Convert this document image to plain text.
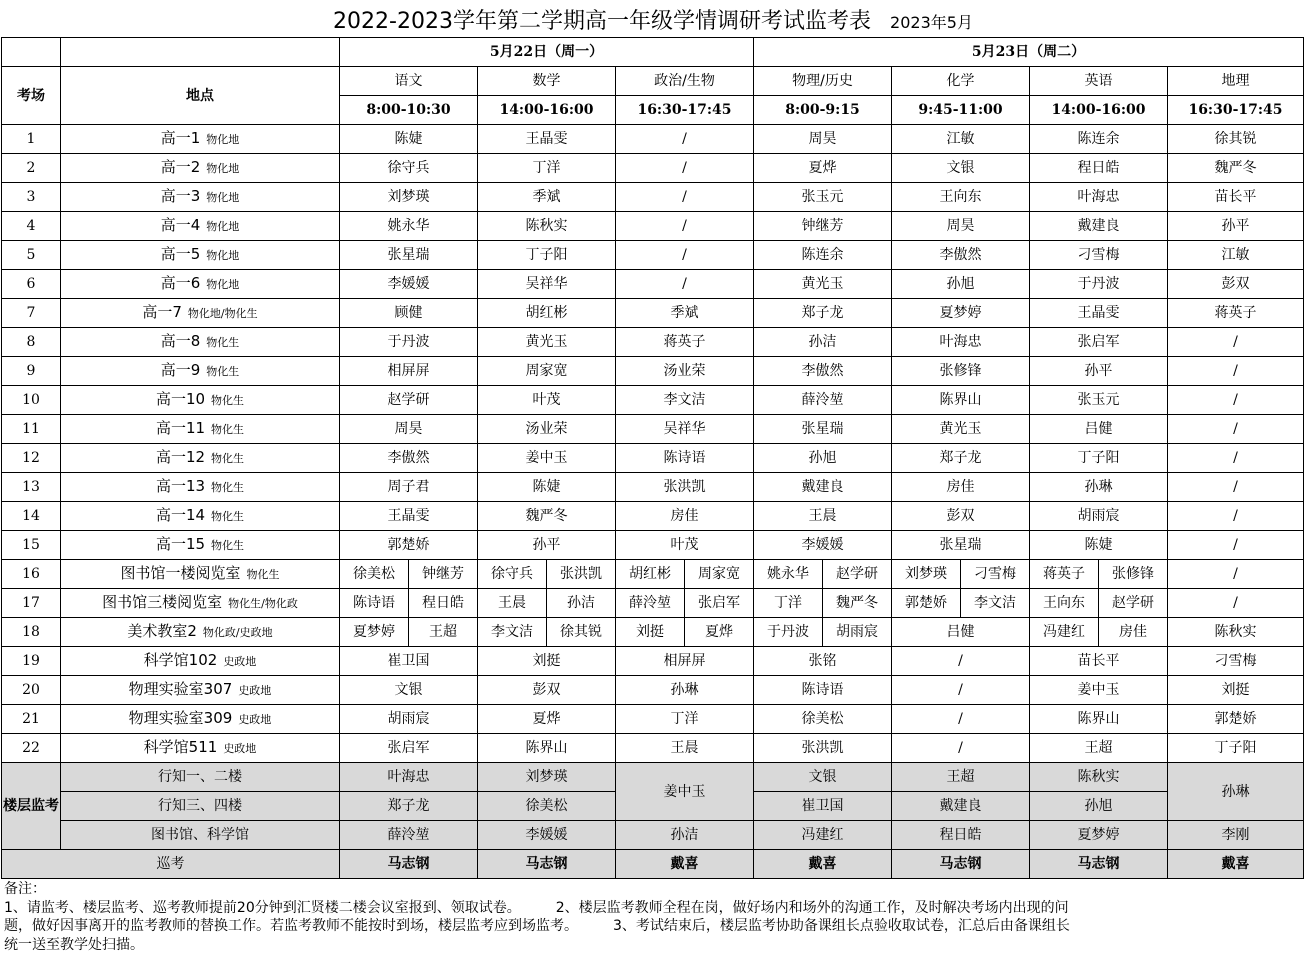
2022-2023学年第二学期高一年级学情调研考试监考表 2023年5月
		5月22日（周一）						5月23日（周二）						
考场	地点	语文		数学		政治/生物		物理/历史		化学		英语		地理
		8:00-10:30		14:00-16:00		16:30-17:45		8:00-9:15		9:45-11:00		14:00-16:00		16:30-17:45
1	高一1 物化地	陈婕		王晶雯		/		周昊		江敏		陈连余		徐其锐
2	高一2 物化地	徐守兵		丁洋		/		夏烨		文银		程日皓		魏严冬
3	高一3 物化地	刘梦瑛		季斌		/		张玉元		王向东		叶海忠		苗长平
4	高一4 物化地	姚永华		陈秋实		/		钟继芳		周昊		戴建良		孙平
5	高一5 物化地	张星瑞		丁子阳		/		陈连余		李傲然		刁雪梅		江敏
6	高一6 物化地	李媛媛		吴祥华		/		黄光玉		孙旭		于丹波		彭双
7	高一7 物化地/物化生	顾健		胡红彬		季斌		郑子龙		夏梦婷		王晶雯		蒋英子
8	高一8 物化生	于丹波		黄光玉		蒋英子		孙洁		叶海忠		张启军		/
9	高一9 物化生	相屏屏		周家宽		汤业荣		李傲然		张修锋		孙平		/
10	高一10 物化生	赵学研		叶茂		李文洁		薛泠堃		陈界山		张玉元		/
11	高一11 物化生	周昊		汤业荣		吴祥华		张星瑞		黄光玉		吕健		/
12	高一12 物化生	李傲然		姜中玉		陈诗语		孙旭		郑子龙		丁子阳		/
13	高一13 物化生	周子君		陈婕		张洪凯		戴建良		房佳		孙琳		/
14	高一14 物化生	王晶雯		魏严冬		房佳		王晨		彭双		胡雨宸		/
15	高一15 物化生	郭楚娇		孙平		叶茂		李媛媛		张星瑞		陈婕		/
16	图书馆一楼阅览室 物化生	徐美松	钟继芳	徐守兵	张洪凯	胡红彬	周家宽	姚永华	赵学研	刘梦瑛	刁雪梅	蒋英子	张修锋	/
17	图书馆三楼阅览室 物化生/物化政	陈诗语	程日皓	王晨	孙洁	薛泠堃	张启军	丁洋	魏严冬	郭楚娇	李文洁	王向东	赵学研	/
18	美术教室2 物化政/史政地	夏梦婷	王超	李文洁	徐其锐	刘挺	夏烨	于丹波	胡雨宸	吕健		冯建红	房佳	陈秋实
19	科学馆102 史政地	崔卫国		刘挺		相屏屏		张铭		/		苗长平		刁雪梅
20	物理实验室307 史政地	文银		彭双		孙琳		陈诗语		/		姜中玉		刘挺
21	物理实验室309 史政地	胡雨宸		夏烨		丁洋		徐美松		/		陈界山		郭楚娇
22	科学馆511 史政地	张启军		陈界山		王晨		张洪凯		/		王超		丁子阳
楼层监考	行知一、二楼	叶海忠		刘梦瑛		姜中玉		文银		王超		陈秋实		孙琳
	行知三、四楼	郑子龙		徐美松				崔卫国		戴建良		孙旭		
	图书馆、科学馆	薛泠堃		李媛媛		孙洁		冯建红		程日皓		夏梦婷		李刚
巡考		马志钢		马志钢		戴喜		戴喜		马志钢		马志钢		戴喜

备注：

1、请监考、楼层监考、巡考教师提前20分钟到汇贤楼二楼会议室报到、领取试卷。　　　2、楼层监考教师全程在岗，做好场内和场外的沟通工作，及时解决考场内出现的问

题，做好因事离开的监考教师的替换工作。若监考教师不能按时到场，楼层监考应到场监考。　　　3、考试结束后，楼层监考协助备课组长点验收取试卷，汇总后由备课组长

统一送至教学处扫描。
